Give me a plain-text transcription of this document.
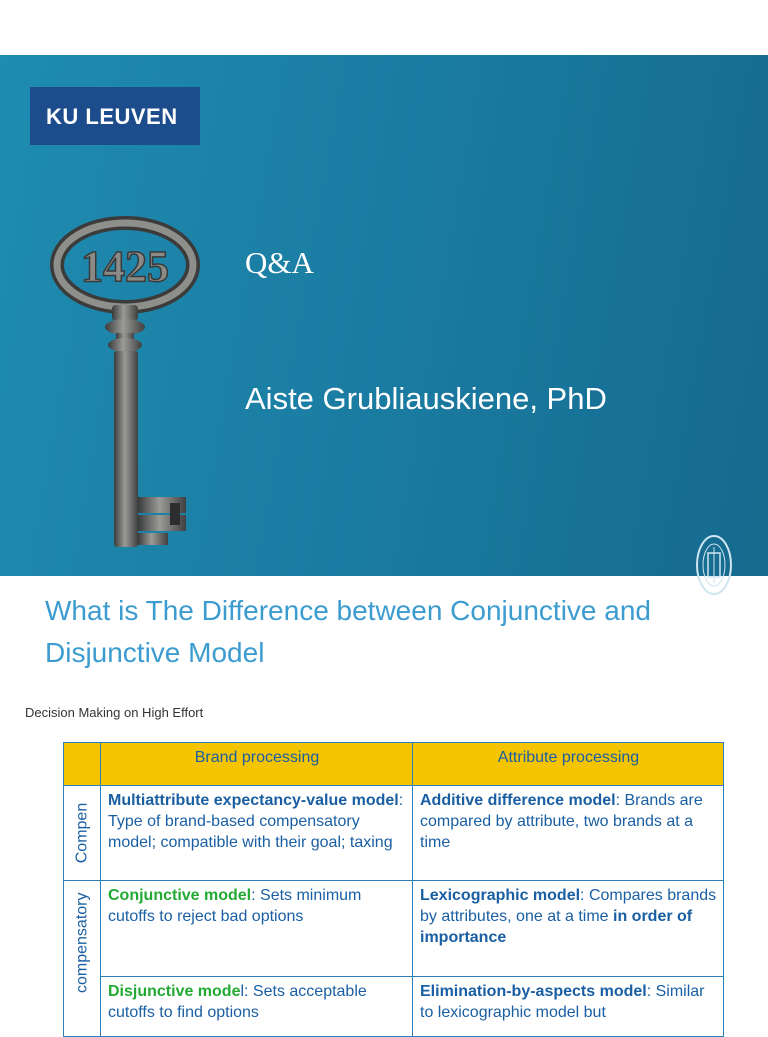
KU LEUVEN
1425 Q&A
Aiste Grubliauskiene, PhD
What is The Difference between Conjunctive and Disjunctive Model
Decision Making on High Effort
	Brand processing	Attribute processing

Compen	Multiattribute expectancy-value model: Type of brand-based compensatory model; compatible with their goal; taxing	Additive difference model: Brands are compared by attribute, two brands at a time

compensatory	Conjunctive model: Sets minimum cutoffs to reject bad options	Lexicographic model: Compares brands by attributes, one at a time in order of importance
	Disjunctive model: Sets acceptable cutoffs to find options	Elimination-by-aspects model: Similar to lexicographic model but
